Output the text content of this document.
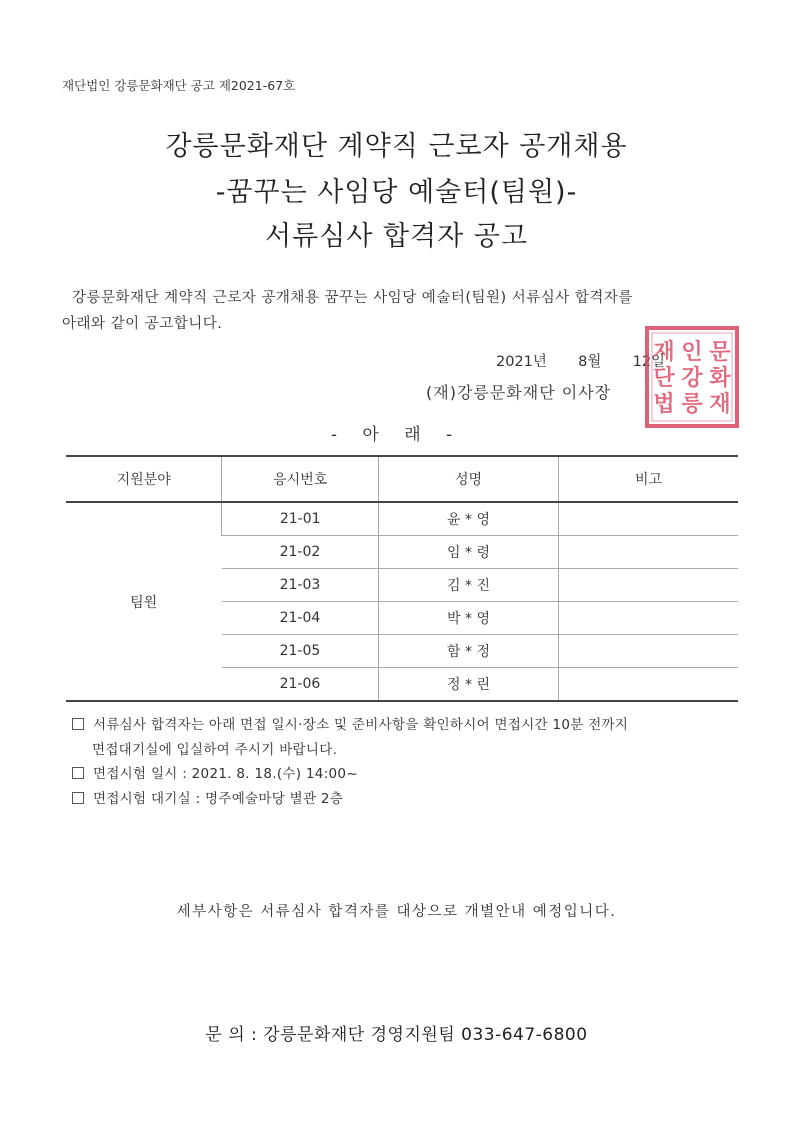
재단법인 강릉문화재단 공고 제2021-67호
강릉문화재단 계약직 근로자 공개채용
-꿈꾸는 사임당 예술터(팀원)-
서류심사 합격자 공고
강릉문화재단 계약직 근로자 공개채용 꿈꾸는 사임당 예술터(팀원) 서류심사 합격자를
아래와 같이 공고합니다.
2021년 8월 12일
(재)강릉문화재단 이사장
재
단
법
인
강
릉
문
화
재
- 아 래 -
지원분야	응시번호	성명	비고
팀원	21-01	윤 * 영	
	21-02	임 * 령	
	21-03	김 * 진	
	21-04	박 * 영	
	21-05	함 * 정	
	21-06	정 * 린	
서류심사 합격자는 아래 면접 일시·장소 및 준비사항을 확인하시어 면접시간 10분 전까지
면접대기실에 입실하여 주시기 바랍니다.
면접시험 일시 : 2021. 8. 18.(수) 14:00~
면접시험 대기실 : 명주예술마당 별관 2층
세부사항은 서류심사 합격자를 대상으로 개별안내 예정입니다.
문 의 : 강릉문화재단 경영지원팀 033-647-6800
